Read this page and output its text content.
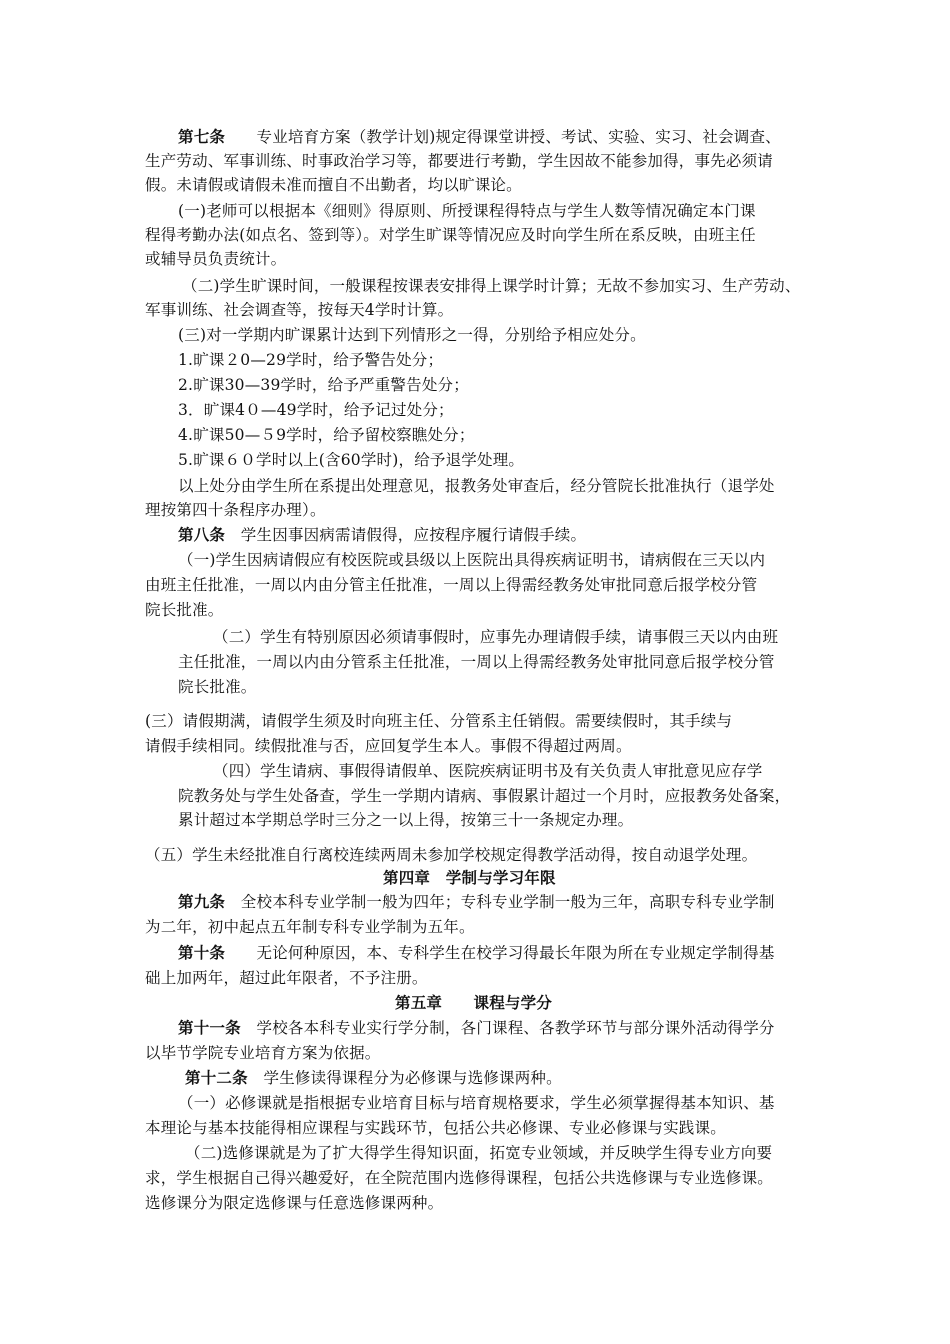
第七条　　专业培育方案（教学计划)规定得课堂讲授、考试、实验、实习、社会调查、
生产劳动、军事训练、时事政治学习等，都要进行考勤，学生因故不能参加得，事先必须请
假。未请假或请假未准而擅自不出勤者，均以旷课论。
(一)老师可以根据本《细则》得原则、所授课程得特点与学生人数等情况确定本门课
程得考勤办法(如点名、签到等）。对学生旷课等情况应及时向学生所在系反映，由班主任
或辅导员负责统计。
（二)学生旷课时间，一般课程按课表安排得上课学时计算；无故不参加实习、生产劳动、
军事训练、社会调查等，按每天4学时计算。
(三)对一学期内旷课累计达到下列情形之一得，分别给予相应处分。
1.旷课２0—29学时，给予警告处分；
2.旷课30—39学时，给予严重警告处分；
3．旷课4０—49学时，给予记过处分；
4.旷课50—５9学时，给予留校察瞧处分；
5.旷课６０学时以上(含60学时)，给予退学处理。
以上处分由学生所在系提出处理意见，报教务处审查后，经分管院长批准执行（退学处
理按第四十条程序办理）。
第八条　学生因事因病需请假得，应按程序履行请假手续。
（一)学生因病请假应有校医院或县级以上医院出具得疾病证明书，请病假在三天以内
由班主任批准，一周以内由分管主任批准，一周以上得需经教务处审批同意后报学校分管
院长批准。
（二）学生有特别原因必须请事假时，应事先办理请假手续，请事假三天以内由班
主任批准，一周以内由分管系主任批准，一周以上得需经教务处审批同意后报学校分管
院长批准。
(三）请假期满，请假学生须及时向班主任、分管系主任销假。需要续假时，其手续与
请假手续相同。续假批准与否，应回复学生本人。事假不得超过两周。
（四）学生请病、事假得请假单、医院疾病证明书及有关负责人审批意见应存学
院教务处与学生处备查，学生一学期内请病、事假累计超过一个月时，应报教务处备案，
累计超过本学期总学时三分之一以上得，按第三十一条规定办理。
（五）学生未经批准自行离校连续两周未参加学校规定得教学活动得，按自动退学处理。
第四章　学制与学习年限
第九条　全校本科专业学制一般为四年；专科专业学制一般为三年，高职专科专业学制
为二年，初中起点五年制专科专业学制为五年。
第十条　　无论何种原因，本、专科学生在校学习得最长年限为所在专业规定学制得基
础上加两年，超过此年限者，不予注册。
第五章　　课程与学分
第十一条　学校各本科专业实行学分制，各门课程、各教学环节与部分课外活动得学分
以毕节学院专业培育方案为依据。
第十二条　学生修读得课程分为必修课与选修课两种。
（一）必修课就是指根据专业培育目标与培育规格要求，学生必须掌握得基本知识、基
本理论与基本技能得相应课程与实践环节，包括公共必修课、专业必修课与实践课。
（二)选修课就是为了扩大得学生得知识面，拓宽专业领域，并反映学生得专业方向要
求，学生根据自己得兴趣爱好，在全院范围内选修得课程，包括公共选修课与专业选修课。
选修课分为限定选修课与任意选修课两种。
